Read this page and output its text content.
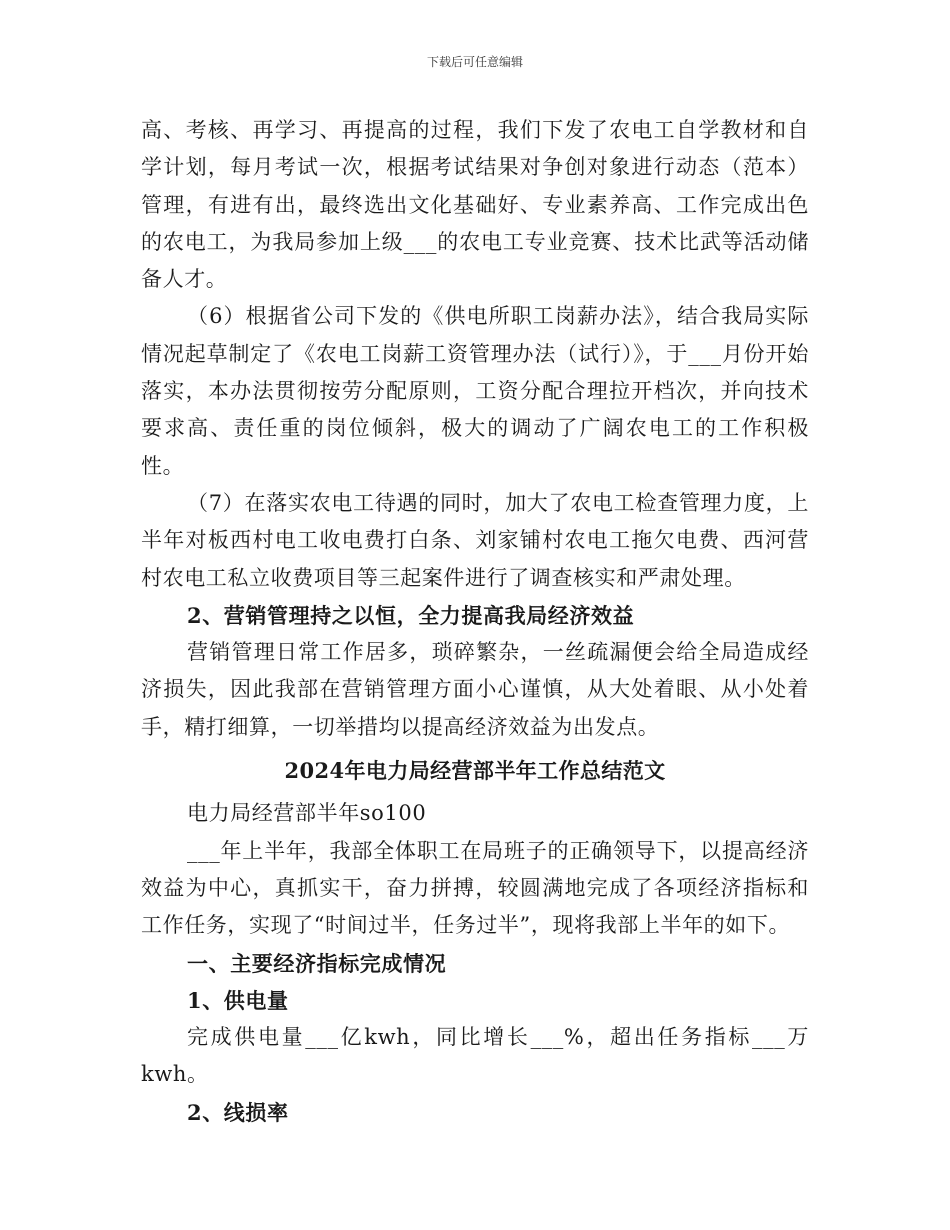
下载后可任意编辑

高、考核、再学习、再提高的过程，我们下发了农电工自学教材和自学计划，每月考试一次，根据考试结果对争创对象进行动态（范本）管理，有进有出，最终选出文化基础好、专业素养高、工作完成出色的农电工，为我局参加上级___的农电工专业竞赛、技术比武等活动储备人才。

（6）根据省公司下发的《供电所职工岗薪办法》，结合我局实际情况起草制定了《农电工岗薪工资管理办法（试行）》，于___月份开始落实，本办法贯彻按劳分配原则，工资分配合理拉开档次，并向技术要求高、责任重的岗位倾斜，极大的调动了广阔农电工的工作积极性。

（7）在落实农电工待遇的同时，加大了农电工检查管理力度，上半年对板西村电工收电费打白条、刘家铺村农电工拖欠电费、西河营村农电工私立收费项目等三起案件进行了调查核实和严肃处理。

2、营销管理持之以恒，全力提高我局经济效益

营销管理日常工作居多，琐碎繁杂，一丝疏漏便会给全局造成经济损失，因此我部在营销管理方面小心谨慎，从大处着眼、从小处着手，精打细算，一切举措均以提高经济效益为出发点。

2024年电力局经营部半年工作总结范文

电力局经营部半年so100

___年上半年，我部全体职工在局班子的正确领导下，以提高经济效益为中心，真抓实干，奋力拼搏，较圆满地完成了各项经济指标和工作任务，实现了“时间过半，任务过半”，现将我部上半年的如下。

一、主要经济指标完成情况

1、供电量

完成供电量___亿kwh，同比增长___%，超出任务指标___万kwh。

2、线损率
